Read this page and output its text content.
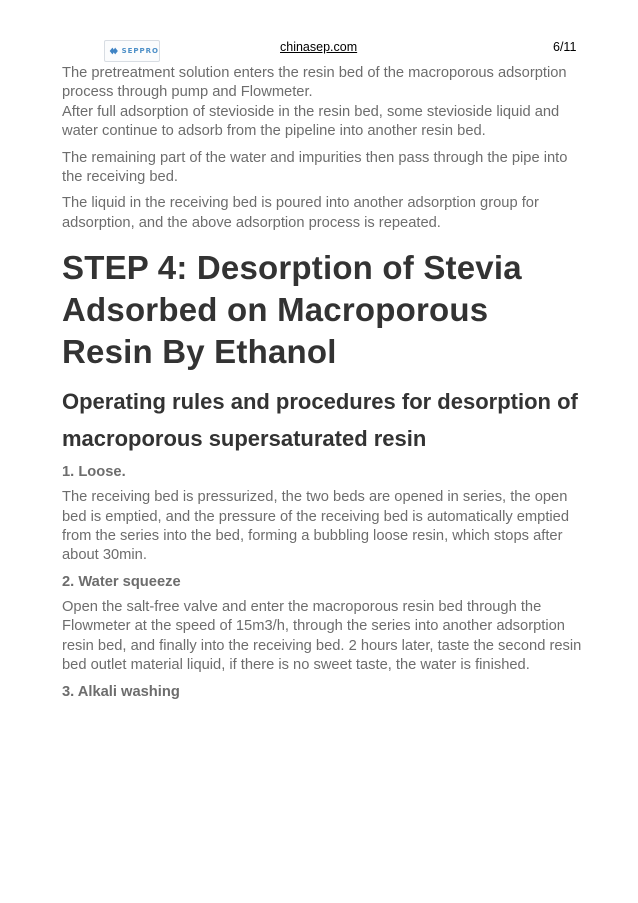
SEPPRO	chinasep.com	6/11

The pretreatment solution enters the resin bed of the macroporous adsorption process through pump and Flowmeter.
After full adsorption of stevioside in the resin bed, some stevioside liquid and water continue to adsorb from the pipeline into another resin bed.

The remaining part of the water and impurities then pass through the pipe into the receiving bed.

The liquid in the receiving bed is poured into another adsorption group for adsorption, and the above adsorption process is repeated.

STEP 4: Desorption of Stevia Adsorbed on Macroporous Resin By Ethanol
Operating rules and procedures for desorption of macroporous supersaturated resin
1. Loose.

The receiving bed is pressurized, the two beds are opened in series, the open bed is emptied, and the pressure of the receiving bed is automatically emptied from the series into the bed, forming a bubbling loose resin, which stops after about 30min.

2. Water squeeze

Open the salt-free valve and enter the macroporous resin bed through the Flowmeter at the speed of 15m3/h, through the series into another adsorption resin bed, and finally into the receiving bed. 2 hours later, taste the second resin bed outlet material liquid, if there is no sweet taste, the water is finished.

3. Alkali washing
